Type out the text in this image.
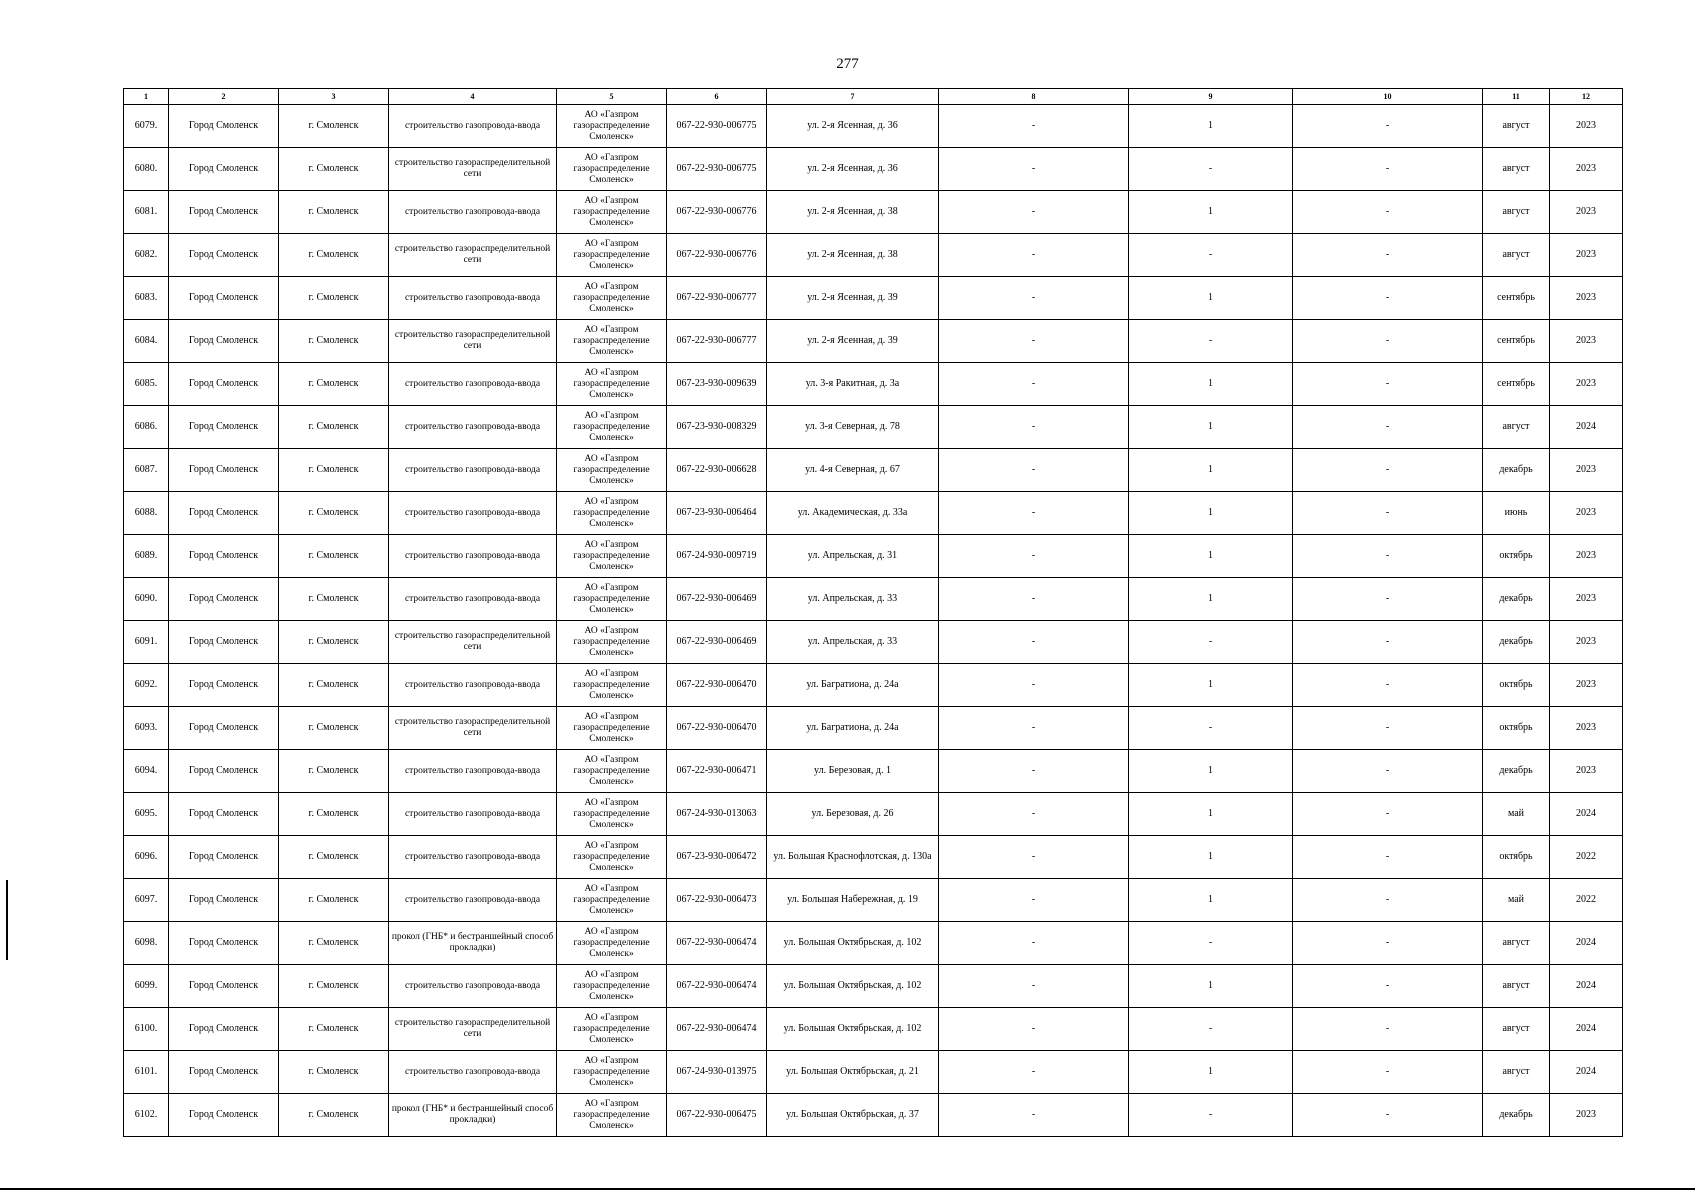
277
1	2	3	4	5	6	7	8	9	10	11	12
6079.	Город Смоленск	г. Смоленск	строительство газопровода-ввода	АО «Газпром газораспределение Смоленск»	067-22-930-006775	ул. 2-я Ясенная, д. 36	-	1	-	август	2023
6080.	Город Смоленск	г. Смоленск	строительство газораспределительной сети	АО «Газпром газораспределение Смоленск»	067-22-930-006775	ул. 2-я Ясенная, д. 36	-	-	-	август	2023
6081.	Город Смоленск	г. Смоленск	строительство газопровода-ввода	АО «Газпром газораспределение Смоленск»	067-22-930-006776	ул. 2-я Ясенная, д. 38	-	1	-	август	2023
6082.	Город Смоленск	г. Смоленск	строительство газораспределительной сети	АО «Газпром газораспределение Смоленск»	067-22-930-006776	ул. 2-я Ясенная, д. 38	-	-	-	август	2023
6083.	Город Смоленск	г. Смоленск	строительство газопровода-ввода	АО «Газпром газораспределение Смоленск»	067-22-930-006777	ул. 2-я Ясенная, д. 39	-	1	-	сентябрь	2023
6084.	Город Смоленск	г. Смоленск	строительство газораспределительной сети	АО «Газпром газораспределение Смоленск»	067-22-930-006777	ул. 2-я Ясенная, д. 39	-	-	-	сентябрь	2023
6085.	Город Смоленск	г. Смоленск	строительство газопровода-ввода	АО «Газпром газораспределение Смоленск»	067-23-930-009639	ул. 3-я Ракитная, д. 3а	-	1	-	сентябрь	2023
6086.	Город Смоленск	г. Смоленск	строительство газопровода-ввода	АО «Газпром газораспределение Смоленск»	067-23-930-008329	ул. 3-я Северная, д. 78	-	1	-	август	2024
6087.	Город Смоленск	г. Смоленск	строительство газопровода-ввода	АО «Газпром газораспределение Смоленск»	067-22-930-006628	ул. 4-я Северная, д. 67	-	1	-	декабрь	2023
6088.	Город Смоленск	г. Смоленск	строительство газопровода-ввода	АО «Газпром газораспределение Смоленск»	067-23-930-006464	ул. Академическая, д. 33а	-	1	-	июнь	2023
6089.	Город Смоленск	г. Смоленск	строительство газопровода-ввода	АО «Газпром газораспределение Смоленск»	067-24-930-009719	ул. Апрельская, д. 31	-	1	-	октябрь	2023
6090.	Город Смоленск	г. Смоленск	строительство газопровода-ввода	АО «Газпром газораспределение Смоленск»	067-22-930-006469	ул. Апрельская, д. 33	-	1	-	декабрь	2023
6091.	Город Смоленск	г. Смоленск	строительство газораспределительной сети	АО «Газпром газораспределение Смоленск»	067-22-930-006469	ул. Апрельская, д. 33	-	-	-	декабрь	2023
6092.	Город Смоленск	г. Смоленск	строительство газопровода-ввода	АО «Газпром газораспределение Смоленск»	067-22-930-006470	ул. Багратиона, д. 24а	-	1	-	октябрь	2023
6093.	Город Смоленск	г. Смоленск	строительство газораспределительной сети	АО «Газпром газораспределение Смоленск»	067-22-930-006470	ул. Багратиона, д. 24а	-	-	-	октябрь	2023
6094.	Город Смоленск	г. Смоленск	строительство газопровода-ввода	АО «Газпром газораспределение Смоленск»	067-22-930-006471	ул. Березовая, д. 1	-	1	-	декабрь	2023
6095.	Город Смоленск	г. Смоленск	строительство газопровода-ввода	АО «Газпром газораспределение Смоленск»	067-24-930-013063	ул. Березовая, д. 26	-	1	-	май	2024
6096.	Город Смоленск	г. Смоленск	строительство газопровода-ввода	АО «Газпром газораспределение Смоленск»	067-23-930-006472	ул. Большая Краснофлотская, д. 130а	-	1	-	октябрь	2022
6097.	Город Смоленск	г. Смоленск	строительство газопровода-ввода	АО «Газпром газораспределение Смоленск»	067-22-930-006473	ул. Большая Набережная, д. 19	-	1	-	май	2022
6098.	Город Смоленск	г. Смоленск	прокол (ГНБ* и бестраншейный способ прокладки)	АО «Газпром газораспределение Смоленск»	067-22-930-006474	ул. Большая Октябрьская, д. 102	-	-	-	август	2024
6099.	Город Смоленск	г. Смоленск	строительство газопровода-ввода	АО «Газпром газораспределение Смоленск»	067-22-930-006474	ул. Большая Октябрьская, д. 102	-	1	-	август	2024
6100.	Город Смоленск	г. Смоленск	строительство газораспределительной сети	АО «Газпром газораспределение Смоленск»	067-22-930-006474	ул. Большая Октябрьская, д. 102	-	-	-	август	2024
6101.	Город Смоленск	г. Смоленск	строительство газопровода-ввода	АО «Газпром газораспределение Смоленск»	067-24-930-013975	ул. Большая Октябрьская, д. 21	-	1	-	август	2024
6102.	Город Смоленск	г. Смоленск	прокол (ГНБ* и бестраншейный способ прокладки)	АО «Газпром газораспределение Смоленск»	067-22-930-006475	ул. Большая Октябрьская, д. 37	-	-	-	декабрь	2023
